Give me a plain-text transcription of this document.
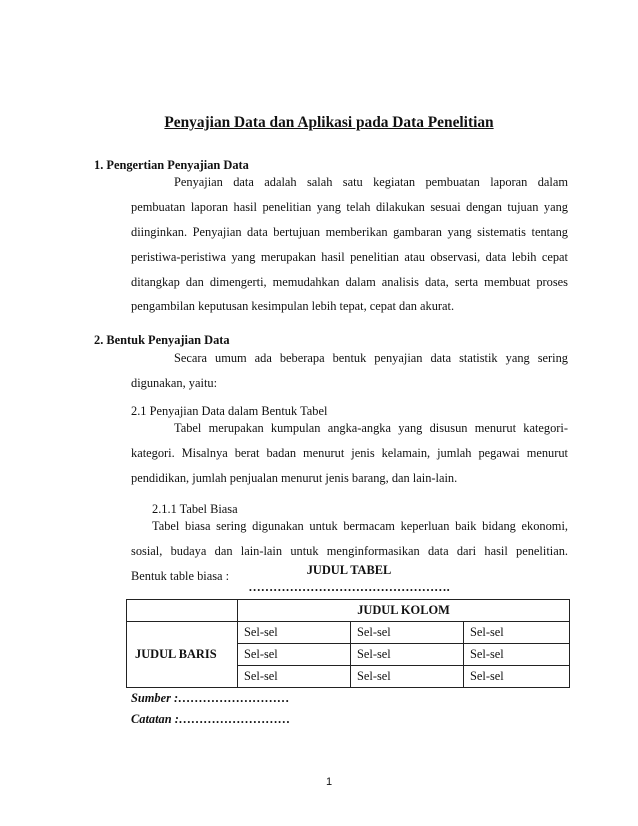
Penyajian Data dan Aplikasi pada Data Penelitian
1. Pengertian Penyajian Data
Penyajian data adalah salah satu kegiatan pembuatan laporan dalam
pembuatan laporan hasil penelitian yang telah dilakukan sesuai dengan tujuan yang
diinginkan. Penyajian data bertujuan memberikan gambaran yang sistematis tentang
peristiwa-peristiwa yang merupakan hasil penelitian atau observasi, data lebih cepat
ditangkap dan dimengerti, memudahkan dalam analisis data, serta membuat proses
pengambilan keputusan kesimpulan lebih tepat, cepat dan akurat.
2. Bentuk Penyajian Data
Secara umum ada beberapa bentuk penyajian data statistik yang sering
digunakan, yaitu:
2.1 Penyajian Data dalam Bentuk Tabel
Tabel merupakan kumpulan angka-angka yang disusun menurut kategori-
kategori. Misalnya berat badan menurut jenis kelamain, jumlah pegawai menurut
pendidikan, jumlah penjualan menurut jenis barang, dan lain-lain.
2.1.1 Tabel Biasa
Tabel biasa sering digunakan untuk bermacam keperluan baik bidang ekonomi,
sosial, budaya dan lain-lain untuk menginformasikan data dari hasil penelitian.
Bentuk table biasa :	JUDUL TABEL
………………………………………….
	JUDUL KOLOM		
JUDUL BARIS	Sel-sel	Sel-sel	Sel-sel
	Sel-sel	Sel-sel	Sel-sel
	Sel-sel	Sel-sel	Sel-sel
Sumber :………………………
Catatan :………………………
1
